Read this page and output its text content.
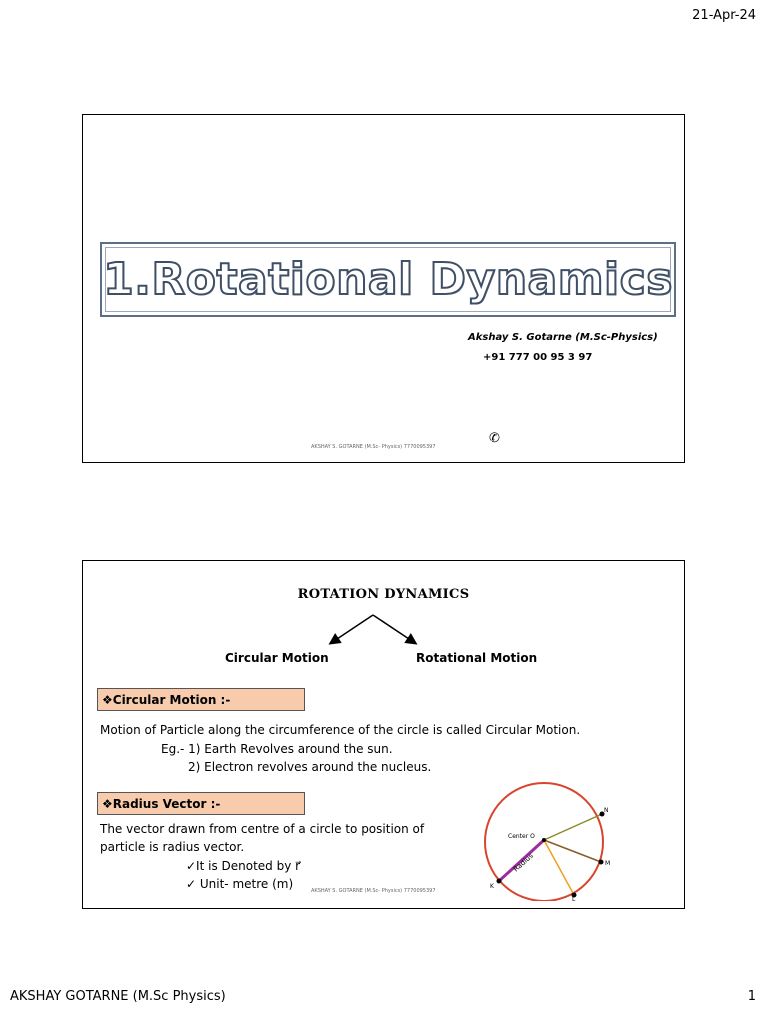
21-Apr-24
1.Rotational Dynamics
Akshay S. Gotarne (M.Sc-Physics)
+91 777 00 95 3 97
AKSHAY S. GOTARNE (M.Sc- Physics) 7770095397
✆
ROTATION DYNAMICS
Circular Motion	Rotational Motion
❖Circular Motion :-
Motion of Particle along the circumference of the circle is called Circular Motion.
Eg.- 1) Earth Revolves around the sun.
2) Electron revolves around the nucleus.
❖Radius Vector :-
The vector drawn from centre of a circle to position of
particle is radius vector.
✓It is Denoted by r⃗
✓ Unit- metre (m)	AKSHAY S. GOTARNE (M.Sc- Physics) 7770095397
Center O
N
M
L
K
Radius
AKSHAY GOTARNE (M.Sc Physics)	1
